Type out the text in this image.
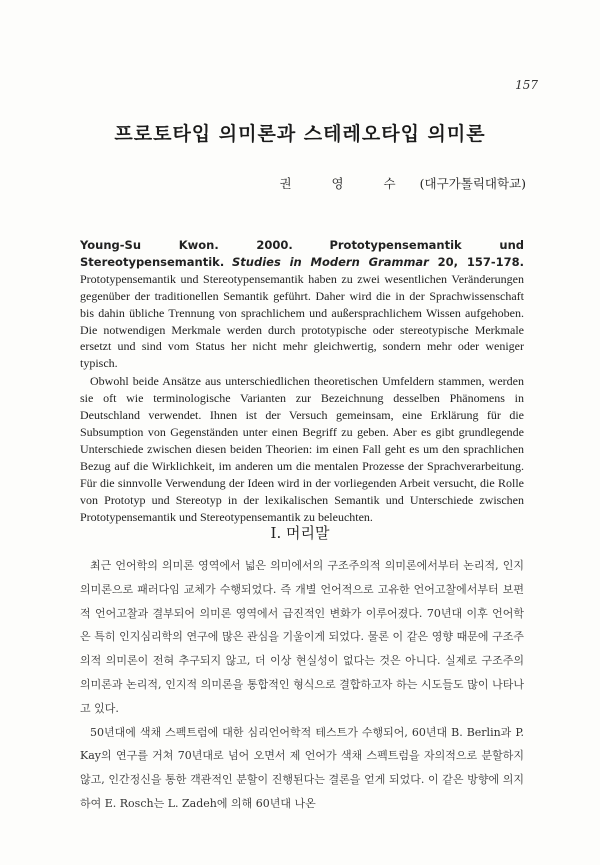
157
프로토타입 의미론과 스테레오타입 의미론
권 영 수 (대구가톨릭대학교)

Young-Su Kwon. 2000.	Prototypensemantik und Stereotypensemantik. Studies in Modern Grammar 20, 157-178. Prototypensemantik und Stereotypensemantik haben zu zwei wesentlichen Veränderungen gegenüber der traditionellen Semantik geführt. Daher wird die in der Sprachwissenschaft bis dahin übliche Trennung von sprachlichem und außersprachlichem Wissen aufgehoben. Die notwendigen Merkmale werden durch prototypische oder stereotypische Merkmale ersetzt und sind vom Status her nicht mehr gleichwertig, sondern mehr oder weniger typisch.

Obwohl beide Ansätze aus unterschiedlichen theoretischen Umfeldern stammen, werden sie oft wie terminologische Varianten zur Bezeichnung desselben Phänomens in Deutschland verwendet. Ihnen ist der Versuch gemeinsam, eine Erklärung für die Subsumption von Gegenständen unter einen Begriff zu geben. Aber es gibt grundlegende Unterschiede zwischen diesen beiden Theorien: im einen Fall geht es um den sprachlichen Bezug auf die Wirklichkeit, im anderen um die mentalen Prozesse der Sprachverarbeitung. Für die sinnvolle Verwendung der Ideen wird in der vorliegenden Arbeit versucht, die Rolle von Prototyp und Stereotyp in der lexikalischen Semantik und Unterschiede zwischen Prototypensemantik und Stereotypensemantik zu beleuchten.

I. 머리말

최근 언어학의 의미론 영역에서 넓은 의미에서의 구조주의적 의미론에서부터 논리적, 인지의미론으로 패러다임 교체가 수행되었다. 즉 개별 언어적으로 고유한 언어고찰에서부터 보편적 언어고찰과 결부되어 의미론 영역에서 급진적인 변화가 이루어졌다. 70년대 이후 언어학은 특히 인지심리학의 연구에 많은 관심을 기울이게 되었다. 물론 이 같은 영향 때문에 구조주의적 의미론이 전혀 추구되지 않고, 더 이상 현실성이 없다는 것은 아니다. 실제로 구조주의 의미론과 논리적, 인지적 의미론을 통합적인 형식으로 결합하고자 하는 시도들도 많이 나타나고 있다.

50년대에 색채 스펙트럼에 대한 심리언어학적 테스트가 수행되어, 60년대 B. Berlin과 P. Kay의 연구를 거쳐 70년대로 넘어 오면서 제 언어가 색채 스펙트럼을 자의적으로 분할하지 않고, 인간정신을 통한 객관적인 분할이 진행된다는 결론을 얻게 되었다. 이 같은 방향에 의지하여 E. Rosch는 L. Zadeh에 의해 60년대 나온
